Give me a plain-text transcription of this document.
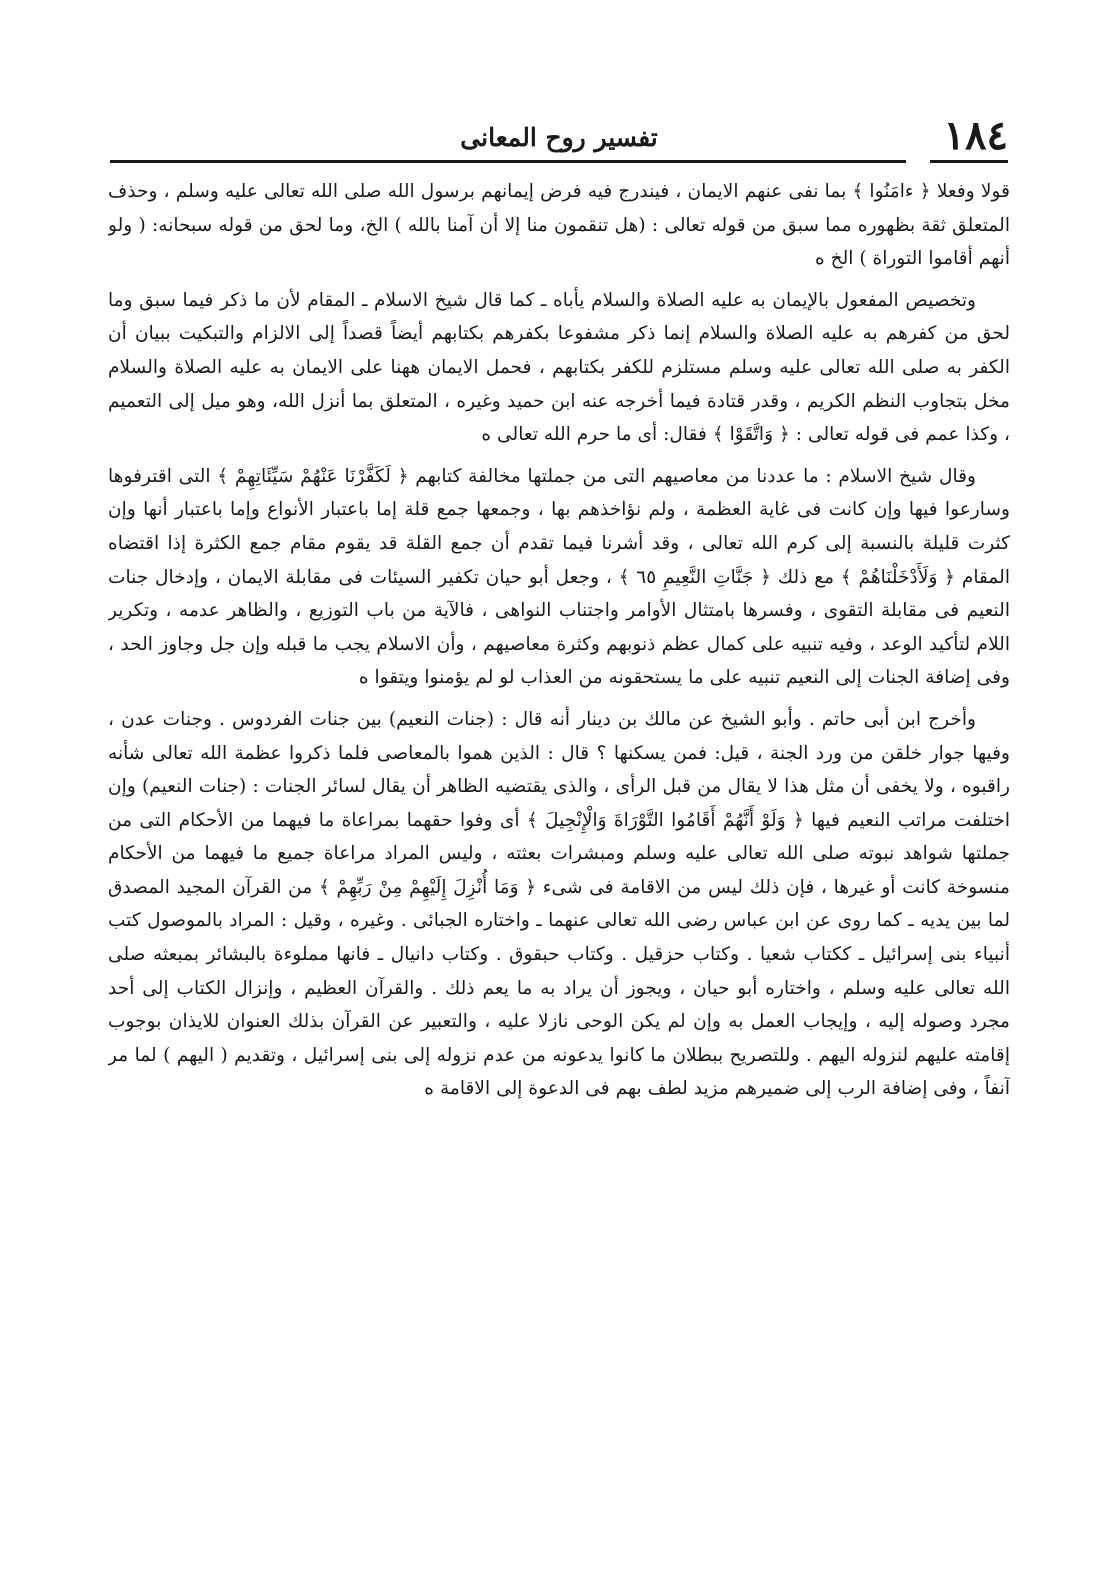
١٨٤
تفسير روح المعانى

قولا وفعلا ﴿ ءامَنُوا ﴾ بما نفى عنهم الايمان ، فيندرج فيه فرض إيمانهم برسول الله صلى الله تعالى عليه وسلم ، وحذف المتعلق ثقة بظهوره مما سبق من قوله تعالى : (هل تنقمون منا إلا أن آمنا بالله ) الخ، وما لحق من قوله سبحانه: ( ولو أنهم أقاموا التوراة ) الخ ه

وتخصيص المفعول بالإيمان به عليه الصلاة والسلام يأباه ـ كما قال شيخ الاسلام ـ المقام لأن ما ذكر فيما سبق وما لحق من كفرهم به عليه الصلاة والسلام إنما ذكر مشفوعا بكفرهم بكتابهم أيضاً قصداً إلى الالزام والتبكيت ببيان أن الكفر به صلى الله تعالى عليه وسلم مستلزم للكفر بكتابهم ، فحمل الايمان ههنا على الايمان به عليه الصلاة والسلام مخل بتجاوب النظم الكريم ، وقدر قتادة فيما أخرجه عنه ابن حميد وغيره ، المتعلق بما أنزل الله، وهو ميل إلى التعميم ، وكذا عمم فى قوله تعالى : ﴿ وَاتَّقَوْا ﴾ فقال: أى ما حرم الله تعالى ه

وقال شيخ الاسلام : ما عددنا من معاصيهم التى من جملتها مخالفة كتابهم ﴿ لَكَفَّرْنَا عَنْهُمْ سَيِّئَاتِهِمْ ﴾ التى اقترفوها وسارعوا فيها وإن كانت فى غاية العظمة ، ولم نؤاخذهم بها ، وجمعها جمع قلة إما باعتبار الأنواع وإما باعتبار أنها وإن كثرت قليلة بالنسبة إلى كرم الله تعالى ، وقد أشرنا فيما تقدم أن جمع القلة قد يقوم مقام جمع الكثرة إذا اقتضاه المقام ﴿ وَلَأَدْخَلْنَاهُمْ ﴾ مع ذلك ﴿ جَنَّاتِ النَّعِيمِ ٦٥ ﴾ ، وجعل أبو حيان تكفير السيئات فى مقابلة الايمان ، وإدخال جنات النعيم فى مقابلة التقوى ، وفسرها بامتثال الأوامر واجتناب النواهى ، فالآية من باب التوزيع ، والظاهر عدمه ، وتكرير اللام لتأكيد الوعد ، وفيه تنبيه على كمال عظم ذنوبهم وكثرة معاصيهم ، وأن الاسلام يجب ما قبله وإن جل وجاوز الحد ، وفى إضافة الجنات إلى النعيم تنبيه على ما يستحقونه من العذاب لو لم يؤمنوا ويتقوا ه

وأخرج ابن أبى حاتم . وأبو الشيخ عن مالك بن دينار أنه قال : (جنات النعيم) بين جنات الفردوس . وجنات عدن ، وفيها جوار خلقن من ورد الجنة ، قيل: فمن يسكنها ؟ قال : الذين هموا بالمعاصى فلما ذكروا عظمة الله تعالى شأنه راقبوه ، ولا يخفى أن مثل هذا لا يقال من قبل الرأى ، والذى يقتضيه الظاهر أن يقال لسائر الجنات : (جنات النعيم) وإن اختلفت مراتب النعيم فيها ﴿ وَلَوْ أَنَّهُمْ أَقَامُوا التَّوْرَاةَ وَالْإِنْجِيلَ ﴾ أى وفوا حقهما بمراعاة ما فيهما من الأحكام التى من جملتها شواهد نبوته صلى الله تعالى عليه وسلم ومبشرات بعثته ، وليس المراد مراعاة جميع ما فيهما من الأحكام منسوخة كانت أو غيرها ، فإن ذلك ليس من الاقامة فى شىء ﴿ وَمَا أُنْزِلَ إِلَيْهِمْ مِنْ رَبِّهِمْ ﴾ من القرآن المجيد المصدق لما بين يديه ـ كما روى عن ابن عباس رضى الله تعالى عنهما ـ واختاره الجبائى . وغيره ، وقيل : المراد بالموصول كتب أنبياء بنى إسرائيل ـ ككتاب شعيا . وكتاب حزقيل . وكتاب حبقوق . وكتاب دانيال ـ فانها مملوءة بالبشائر بمبعثه صلى الله تعالى عليه وسلم ، واختاره أبو حيان ، ويجوز أن يراد به ما يعم ذلك . والقرآن العظيم ، وإنزال الكتاب إلى أحد مجرد وصوله إليه ، وإيجاب العمل به وإن لم يكن الوحى نازلا عليه ، والتعبير عن القرآن بذلك العنوان للايذان بوجوب إقامته عليهم لنزوله اليهم . وللتصريح ببطلان ما كانوا يدعونه من عدم نزوله إلى بنى إسرائيل ، وتقديم ( اليهم ) لما مر آنفاً ، وفى إضافة الرب إلى ضميرهم مزيد لطف بهم فى الدعوة إلى الاقامة ه
